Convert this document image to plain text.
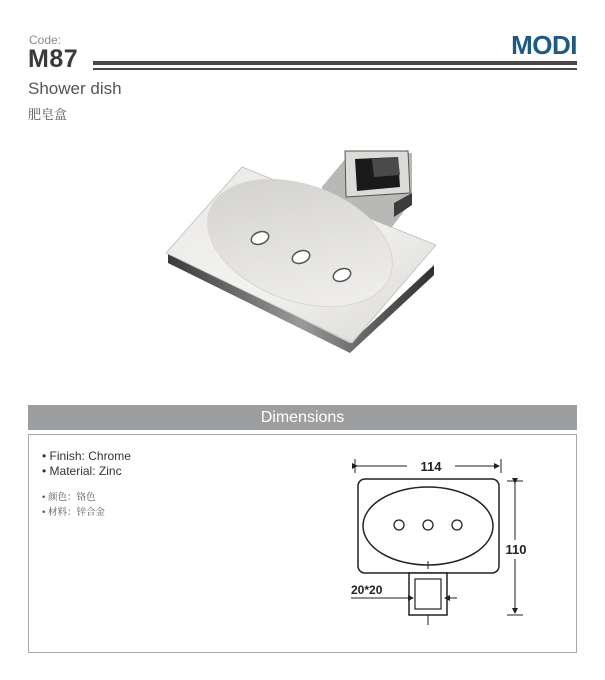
Code:
M87	MODI
Shower dish
肥皂盒
Dimensions
• Finish: Chrome
• Material: Zinc
• 颜色：铬色
• 材料：锌合金
114
20*20
110
